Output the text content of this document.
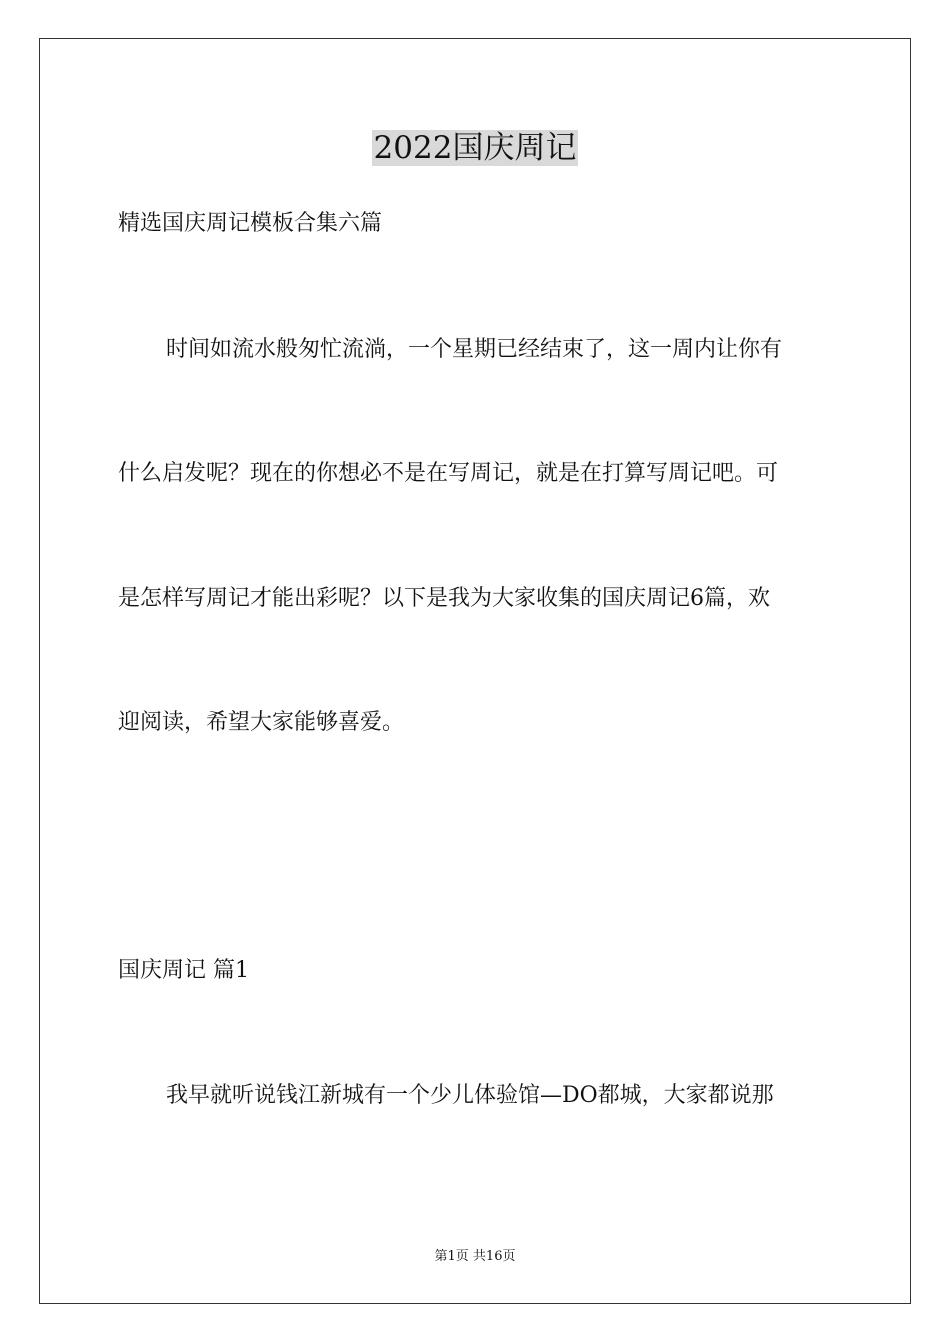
2022国庆周记
精选国庆周记模板合集六篇
时间如流水般匆忙流淌，一个星期已经结束了，这一周内让你有
什么启发呢？现在的你想必不是在写周记，就是在打算写周记吧。可
是怎样写周记才能出彩呢？以下是我为大家收集的国庆周记6篇，欢
迎阅读，希望大家能够喜爱。
国庆周记 篇1
我早就听说钱江新城有一个少儿体验馆—DO都城，大家都说那
第1页 共16页
